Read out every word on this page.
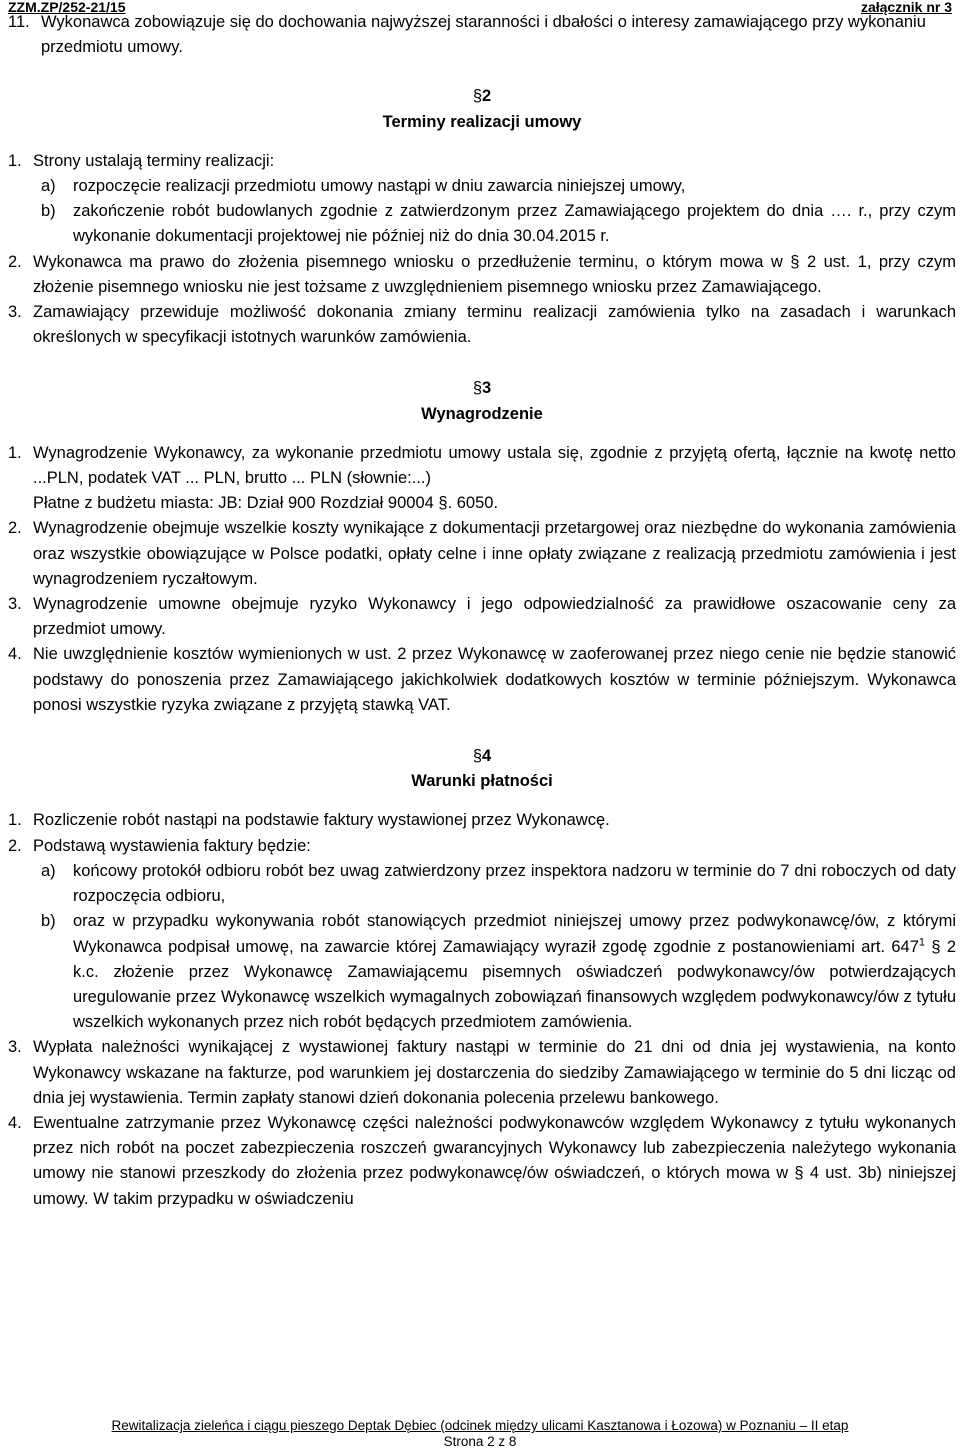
ZZM.ZP/252-21/15	załącznik nr 3

11. Wykonawca zobowiązuje się do dochowania najwyższej staranności i dbałości o interesy zamawiającego przy wykonaniu przedmiotu umowy.

§ 2
Terminy realizacji umowy

1. Strony ustalają terminy realizacji:

a) rozpoczęcie realizacji przedmiotu umowy nastąpi w dniu zawarcia niniejszej umowy,

b) zakończenie robót budowlanych zgodnie z zatwierdzonym przez Zamawiającego projektem do dnia …. r., przy czym wykonanie dokumentacji projektowej nie później niż do dnia 30.04.2015 r.

2. Wykonawca ma prawo do złożenia pisemnego wniosku o przedłużenie terminu, o którym mowa w § 2 ust. 1, przy czym złożenie pisemnego wniosku nie jest tożsame z uwzględnieniem pisemnego wniosku przez Zamawiającego.

3. Zamawiający przewiduje możliwość dokonania zmiany terminu realizacji zamówienia tylko na zasadach i warunkach określonych w specyfikacji istotnych warunków zamówienia.

§ 3
Wynagrodzenie

1. Wynagrodzenie Wykonawcy, za wykonanie przedmiotu umowy ustala się, zgodnie z przyjętą ofertą, łącznie na kwotę netto ...PLN, podatek VAT ... PLN, brutto ... PLN (słownie:...)
Płatne z budżetu miasta: JB: Dział 900 Rozdział 90004 §. 6050.

2. Wynagrodzenie obejmuje wszelkie koszty wynikające z dokumentacji przetargowej oraz niezbędne do wykonania zamówienia oraz wszystkie obowiązujące w Polsce podatki, opłaty celne i inne opłaty związane z realizacją przedmiotu zamówienia i jest wynagrodzeniem ryczałtowym.

3. Wynagrodzenie umowne obejmuje ryzyko Wykonawcy i jego odpowiedzialność za prawidłowe oszacowanie ceny za przedmiot umowy.

4. Nie uwzględnienie kosztów wymienionych w ust. 2 przez Wykonawcę w zaoferowanej przez niego cenie nie będzie stanowić podstawy do ponoszenia przez Zamawiającego jakichkolwiek dodatkowych kosztów w terminie późniejszym. Wykonawca ponosi wszystkie ryzyka związane z przyjętą stawką VAT.

§ 4
Warunki płatności

1. Rozliczenie robót nastąpi na podstawie faktury wystawionej przez Wykonawcę.

2. Podstawą wystawienia faktury będzie:

a) końcowy protokół odbioru robót bez uwag zatwierdzony przez inspektora nadzoru w terminie do 7 dni roboczych od daty rozpoczęcia odbioru,

b) oraz w przypadku wykonywania robót stanowiących przedmiot niniejszej umowy przez podwykonawcę/ów, z którymi Wykonawca podpisał umowę, na zawarcie której Zamawiający wyraził zgodę zgodnie z postanowieniami art. $647^1$ § 2 k.c. złożenie przez Wykonawcę Zamawiającemu pisemnych oświadczeń podwykonawcy/ów potwierdzających uregulowanie przez Wykonawcę wszelkich wymagalnych zobowiązań finansowych względem podwykonawcy/ów z tytułu wszelkich wykonanych przez nich robót będących przedmiotem zamówienia.

3. Wypłata należności wynikającej z wystawionej faktury nastąpi w terminie do 21 dni od dnia jej wystawienia, na konto Wykonawcy wskazane na fakturze, pod warunkiem jej dostarczenia do siedziby Zamawiającego w terminie do 5 dni licząc od dnia jej wystawienia. Termin zapłaty stanowi dzień dokonania polecenia przelewu bankowego.

4. Ewentualne zatrzymanie przez Wykonawcę części należności podwykonawców względem Wykonawcy z tytułu wykonanych przez nich robót na poczet zabezpieczenia roszczeń gwarancyjnych Wykonawcy lub zabezpieczenia należytego wykonania umowy nie stanowi przeszkody do złożenia przez podwykonawcę/ów oświadczeń, o których mowa w § 4 ust. 3b) niniejszej umowy. W takim przypadku w oświadczeniu

Rewitalizacja zieleńca i ciągu pieszego Deptak Dębiec (odcinek między ulicami Kasztanowa i Łozowa) w Poznaniu – II etap
Strona 2 z 8
